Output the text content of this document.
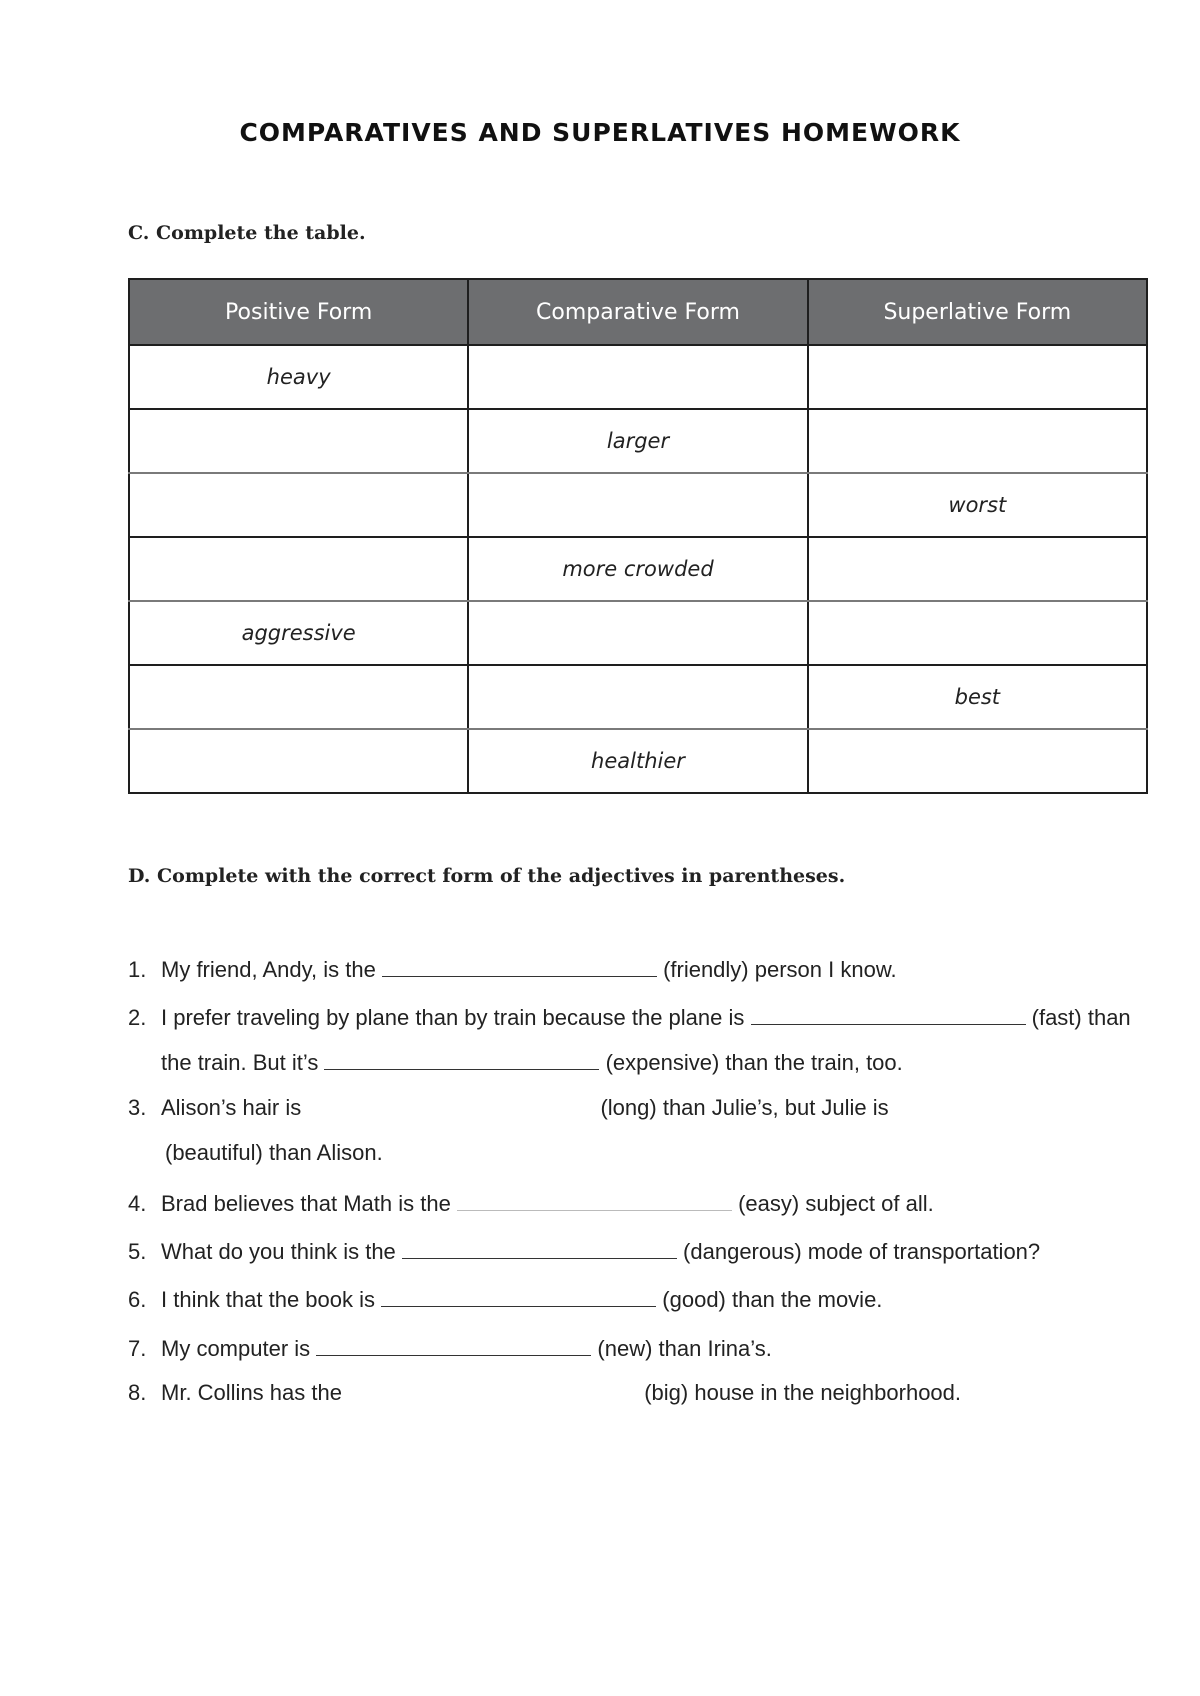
COMPARATIVES AND SUPERLATIVES HOMEWORK
C. Complete the table.
Positive Form	Comparative Form	Superlative Form
heavy		
	larger	
		worst
	more crowded	
aggressive		
		best
	healthier	
D. Complete with the correct form of the adjectives in parentheses.
1. My friend, Andy, is the	(friendly) person I know.
2. I prefer traveling by plane than by train because the plane is	(fast) than
the train. But it’s	(expensive) than the train, too.
3. Alison’s hair is	(long) than Julie’s, but Julie is
(beautiful) than Alison.
4. Brad believes that Math is the	(easy) subject of all.
5. What do you think is the	(dangerous) mode of transportation?
6. I think that the book is	(good) than the movie.
7. My computer is	(new) than Irina’s.
8. Mr. Collins has the	(big) house in the neighborhood.
